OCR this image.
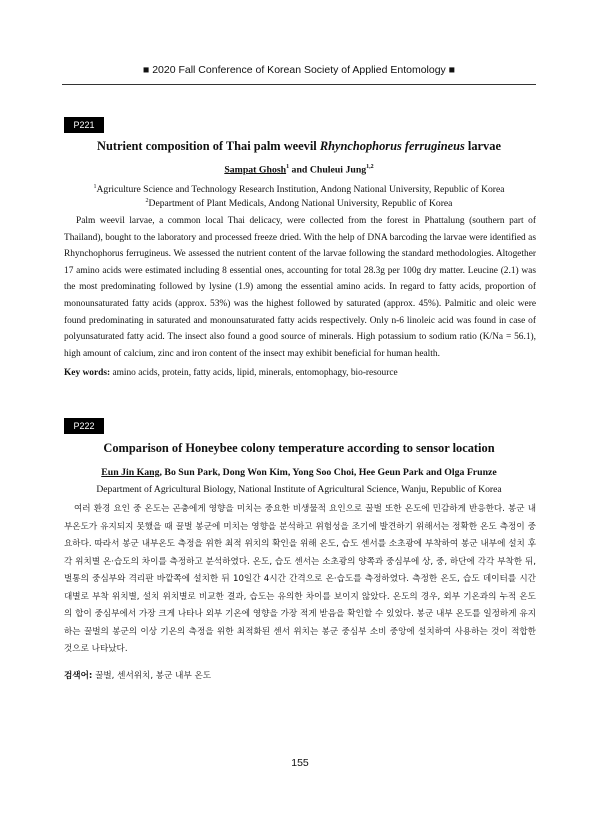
■ 2020 Fall Conference of Korean Society of Applied Entomology ■
P221
Nutrient composition of Thai palm weevil Rhynchophorus ferrugineus larvae
Sampat Ghosh$^1$ and Chuleui Jung$^{1,2}$
$^1$Agriculture Science and Technology Research Institution, Andong National University, Republic of Korea
$^2$Department of Plant Medicals, Andong National University, Republic of Korea

Palm weevil larvae, a common local Thai delicacy, were collected from the forest in Phattalung (southern part of Thailand), bought to the laboratory and processed freeze dried. With the help of DNA barcoding the larvae were identified as Rhynchophorus ferrugineus. We assessed the nutrient content of the larvae following the standard methodologies. Altogether 17 amino acids were estimated including 8 essential ones, accounting for total 28.3g per 100g dry matter. Leucine (2.1) was the most predominating followed by lysine (1.9) among the essential amino acids. In regard to fatty acids, proportion of monounsaturated fatty acids (approx. 53%) was the highest followed by saturated (approx. 45%). Palmitic and oleic were found predominating in saturated and monounsaturated fatty acids respectively. Only n-6 linoleic acid was found in case of polyunsaturated fatty acid. The insect also found a good source of minerals. High potassium to sodium ratio (K/Na = 56.1), high amount of calcium, zinc and iron content of the insect may exhibit beneficial for human health.

Key words: amino acids, protein, fatty acids, lipid, minerals, entomophagy, bio-resource
P222
Comparison of Honeybee colony temperature according to sensor location
Eun Jin Kang, Bo Sun Park, Dong Won Kim, Yong Soo Choi, Hee Geun Park and Olga Frunze
Department of Agricultural Biology, National Institute of Agricultural Science, Wanju, Republic of Korea

여러 환경 요인 중 온도는 곤충에게 영향을 미치는 중요한 비생물적 요인으로 꿀벌 또한 온도에 민감하게 반응한다. 봉군 내부온도가 유지되지 못했을 때 꿀벌 봉군에 미치는 영향을 분석하고 위험성을 조기에 발견하기 위해서는 정확한 온도 측정이 중요하다. 따라서 봉군 내부온도 측정을 위한 최적 위치의 확인을 위해 온도, 습도 센서를 소초광에 부착하여 봉군 내부에 설치 후 각 위치별 온·습도의 차이를 측정하고 분석하였다. 온도, 습도 센서는 소초광의 양쪽과 중심부에 상, 중, 하단에 각각 부착한 뒤, 벌통의 중심부와 격리판 바깥쪽에 설치한 뒤 10일간 4시간 간격으로 온·습도를 측정하였다. 측정한 온도, 습도 데이터를 시간대별로 부착 위치별, 설치 위치별로 비교한 결과, 습도는 유의한 차이를 보이지 않았다. 온도의 경우, 외부 기온과의 누적 온도의 합이 중심부에서 가장 크게 나타나 외부 기온에 영향을 가장 적게 받음을 확인할 수 있었다. 봉군 내부 온도를 일정하게 유지하는 꿀벌의 봉군의 이상 기온의 측정을 위한 최적화된 센서 위치는 봉군 중심부 소비 중앙에 설치하여 사용하는 것이 적합한 것으로 나타났다.

검색어: 꿀벌, 센서위치, 봉군 내부 온도
155
